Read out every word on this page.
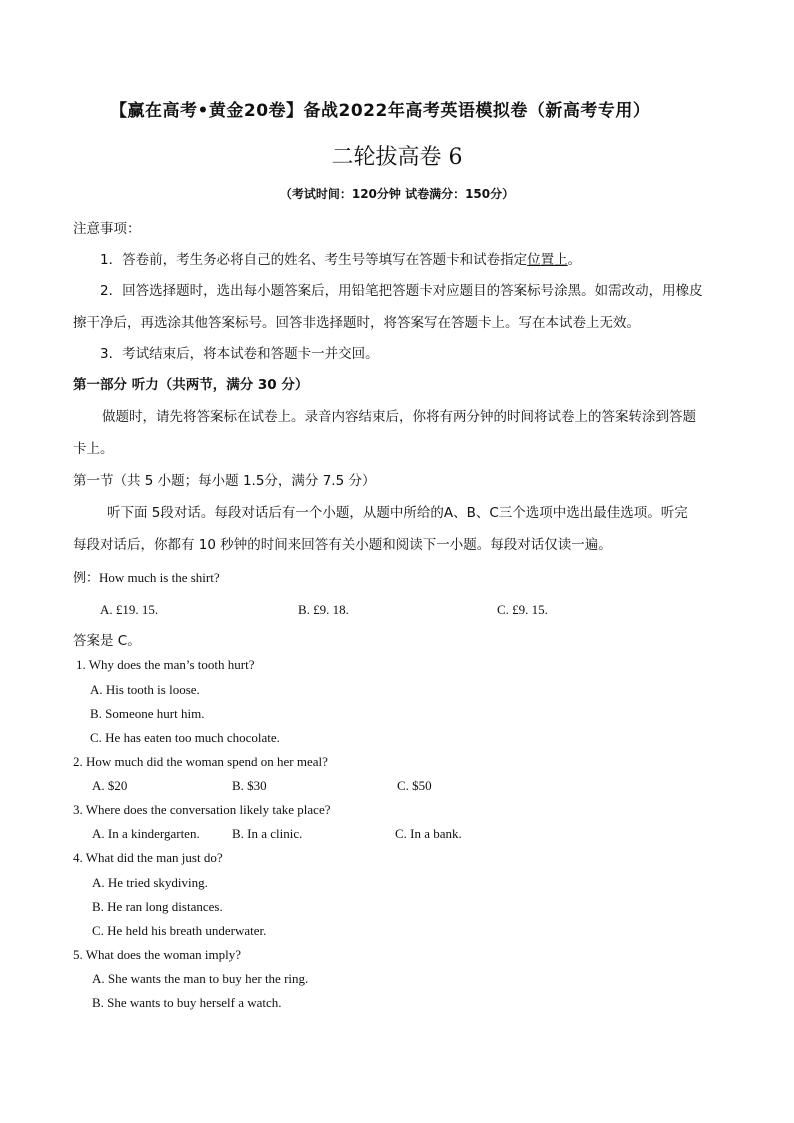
【赢在高考•黄金20卷】备战2022年高考英语模拟卷（新高考专用）
二轮拔高卷 6
（考试时间：120分钟 试卷满分：150分）
注意事项：
1．答卷前，考生务必将自己的姓名、考生号等填写在答题卡和试卷指定位置上。
2．回答选择题时，选出每小题答案后，用铅笔把答题卡对应题目的答案标号涂黑。如需改动，用橡皮
擦干净后，再选涂其他答案标号。回答非选择题时，将答案写在答题卡上。写在本试卷上无效。
3．考试结束后，将本试卷和答题卡一并交回。
第一部分 听力（共两节，满分 30 分）
做题时，请先将答案标在试卷上。录音内容结束后，你将有两分钟的时间将试卷上的答案转涂到答题
卡上。
第一节（共 5 小题；每小题 1.5分，满分 7.5 分）
听下面 5段对话。每段对话后有一个小题，从题中所给的A、B、C三个选项中选出最佳选项。听完
每段对话后，你都有 10 秒钟的时间来回答有关小题和阅读下一小题。每段对话仅读一遍。
例：How much is the shirt?
A. £19. 15.	B. £9. 18.	C. £9. 15.
答案是 C。
1. Why does the man’s tooth hurt?
A. His tooth is loose.
B. Someone hurt him.
C. He has eaten too much chocolate.
2. How much did the woman spend on her meal?
A. $20	B. $30	C. $50
3. Where does the conversation likely take place?
A. In a kindergarten. B. In a clinic.	C. In a bank.
4. What did the man just do?
A. He tried skydiving.
B. He ran long distances.
C. He held his breath underwater.
5. What does the woman imply?
A. She wants the man to buy her the ring.
B. She wants to buy herself a watch.
